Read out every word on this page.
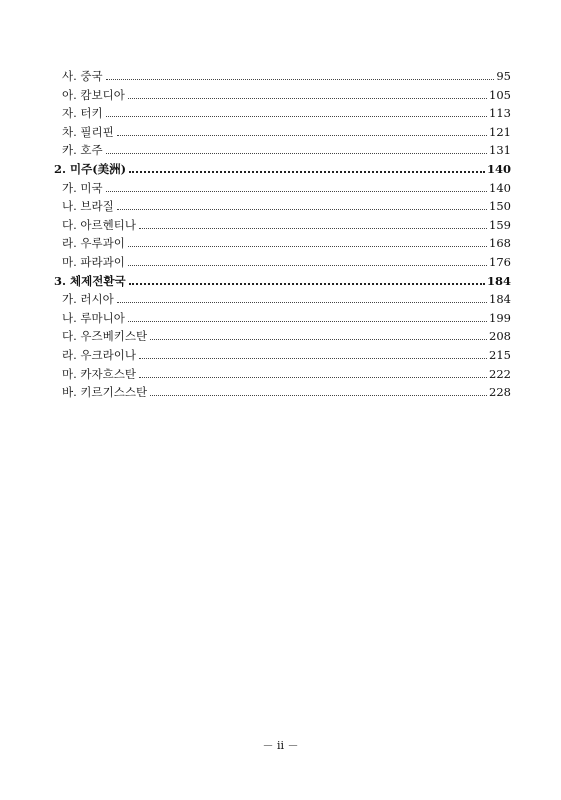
사. 중국	95
아. 캄보디아	105
자. 터키	113
차. 필리핀	121
카. 호주	131
2. 미주(美洲)	140
가. 미국	140
나. 브라질	150
다. 아르헨티나	159
라. 우루과이	168
마. 파라과이	176
3. 체제전환국	184
가. 러시아	184
나. 루마니아	199
다. 우즈베키스탄	208
라. 우크라이나	215
마. 카자흐스탄	222
바. 키르기스스탄	228
－ ii －
